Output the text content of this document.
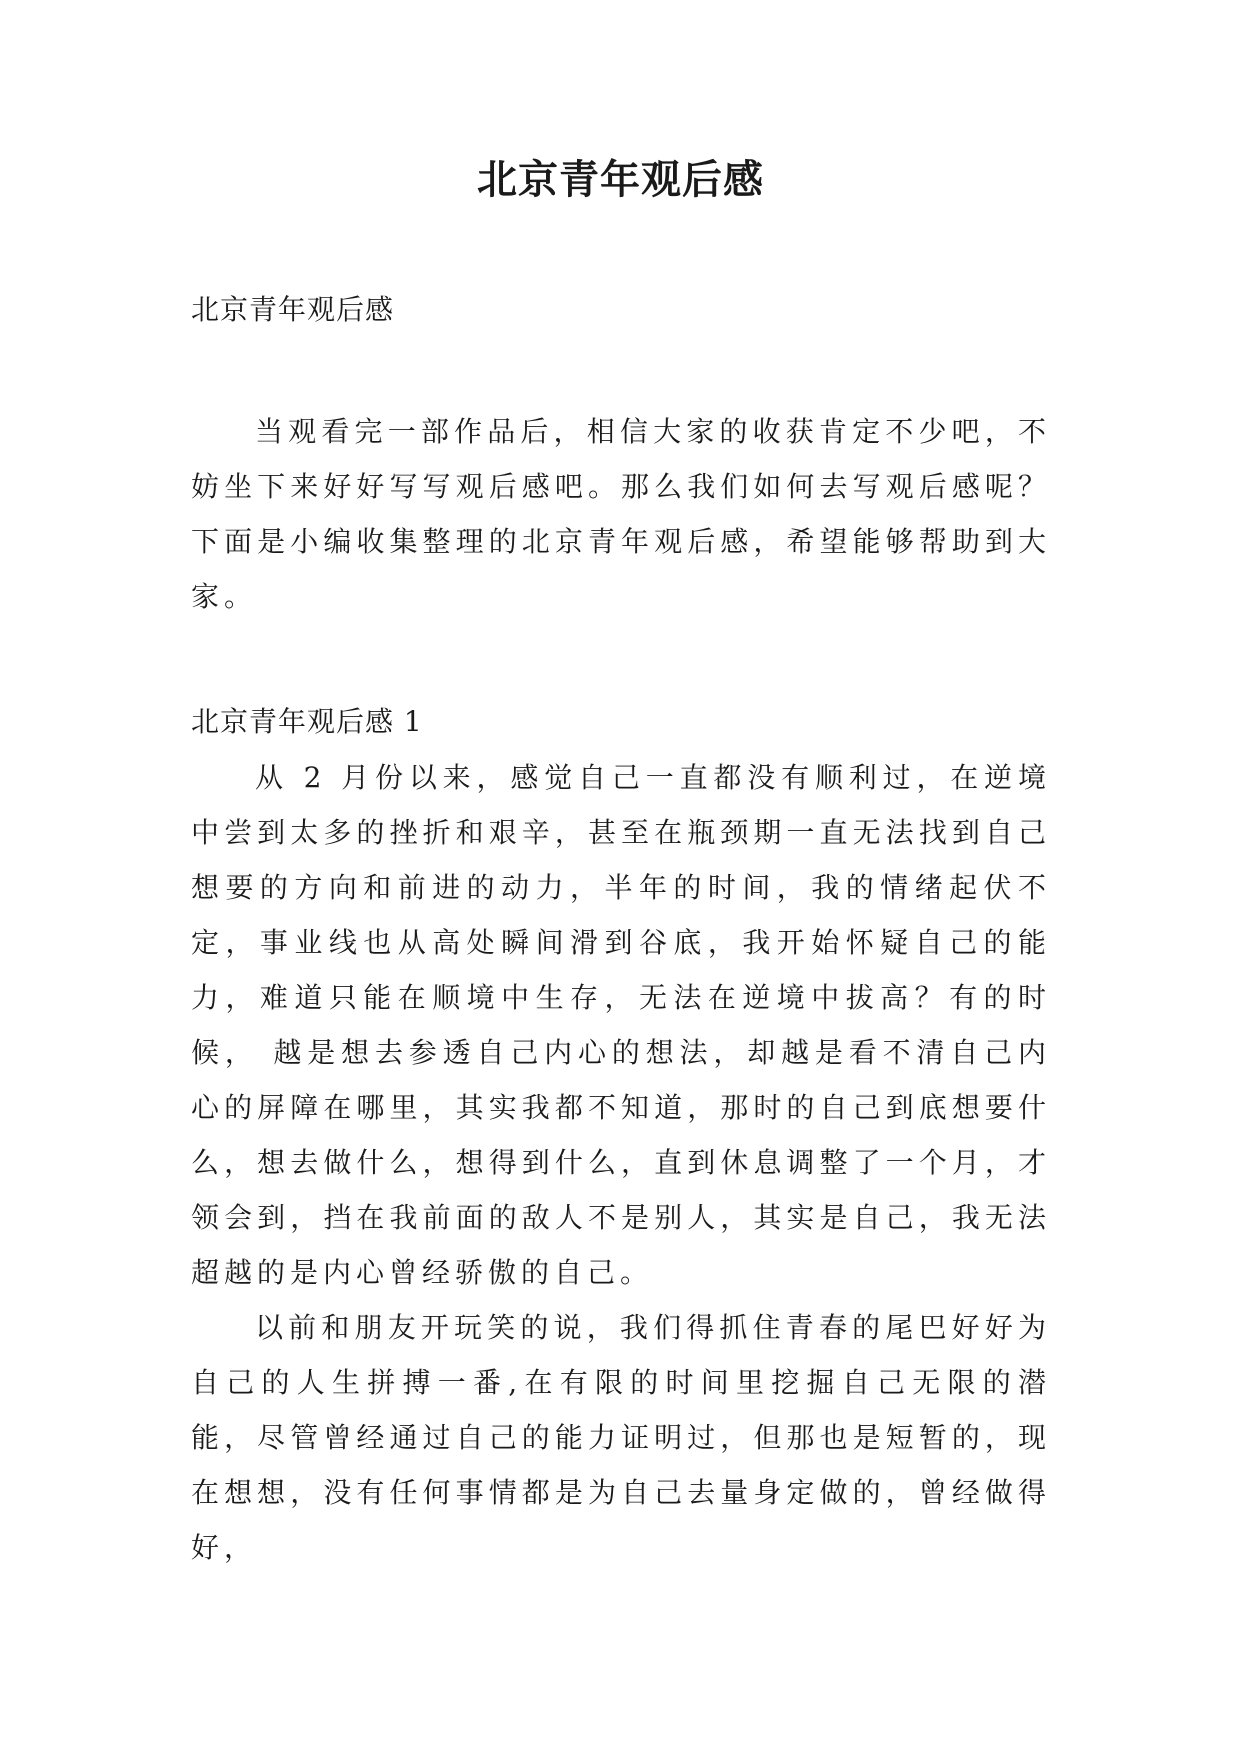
北京青年观后感
北京青年观后感

当观看完一部作品后，相信大家的收获肯定不少吧，不妨坐下来好好写写观后感吧。那么我们如何去写观后感呢？下面是小编收集整理的北京青年观后感，希望能够帮助到大家。

北京青年观后感 1

从 2 月份以来，感觉自己一直都没有顺利过，在逆境中尝到太多的挫折和艰辛，甚至在瓶颈期一直无法找到自己想要的方向和前进的动力，半年的时间，我的情绪起伏不定，事业线也从高处瞬间滑到谷底，我开始怀疑自己的能力，难道只能在顺境中生存，无法在逆境中拔高？有的时候， 越是想去参透自己内心的想法，却越是看不清自己内心的屏障在哪里，其实我都不知道，那时的自己到底想要什么，想去做什么，想得到什么，直到休息调整了一个月，才领会到，挡在我前面的敌人不是别人，其实是自己，我无法超越的是内心曾经骄傲的自己。

以前和朋友开玩笑的说，我们得抓住青春的尾巴好好为自己的人生拼搏一番,在有限的时间里挖掘自己无限的潜能，尽管曾经通过自己的能力证明过，但那也是短暂的，现在想想，没有任何事情都是为自己去量身定做的，曾经做得好，
